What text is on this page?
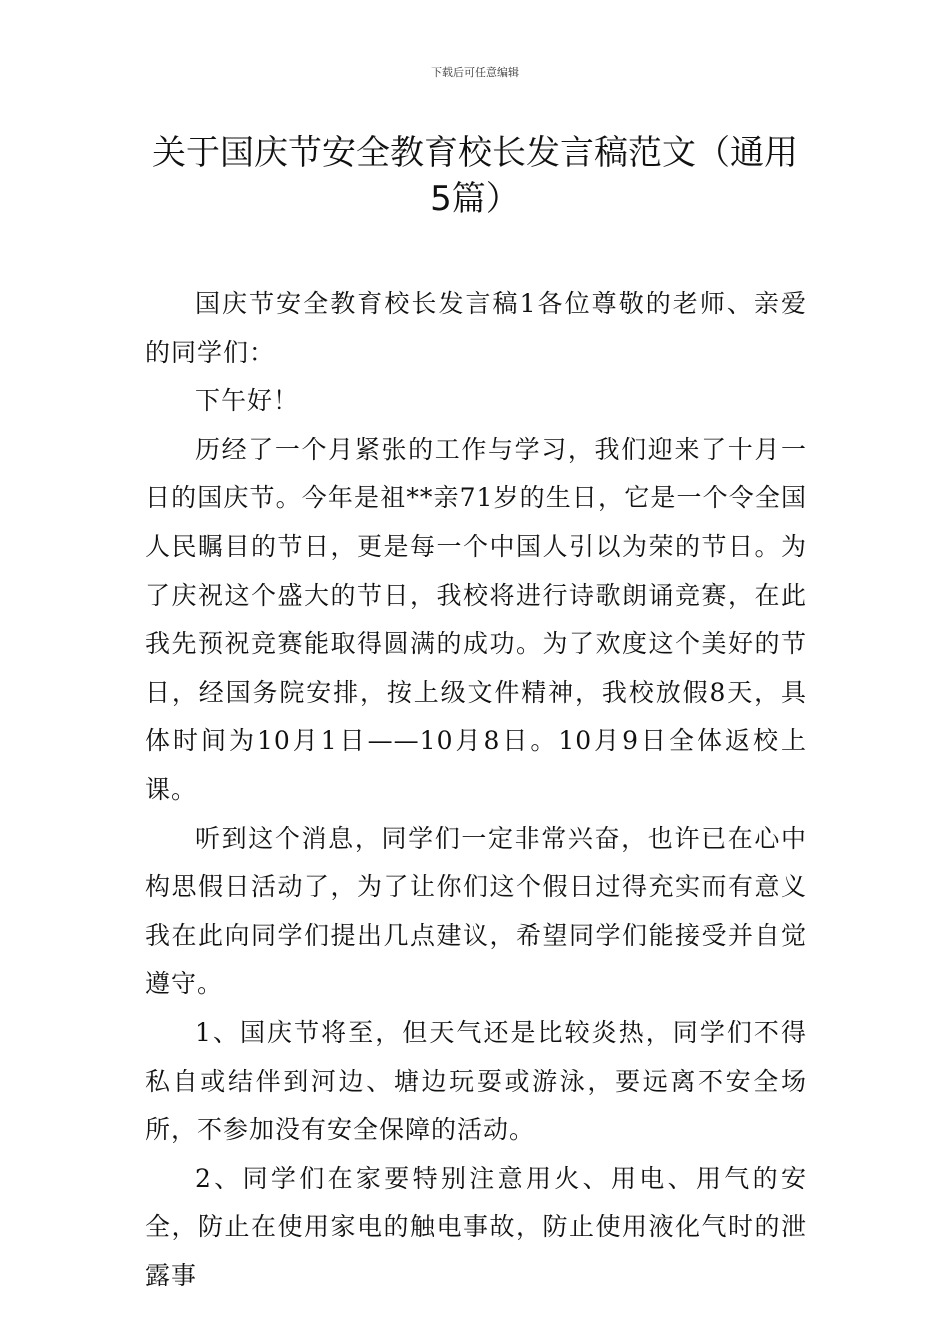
下载后可任意编辑
关于国庆节安全教育校长发言稿范文（通用5篇）

国庆节安全教育校长发言稿1各位尊敬的老师、亲爱的同学们：

下午好！

历经了一个月紧张的工作与学习，我们迎来了十月一日的国庆节。今年是祖**亲71岁的生日，它是一个令全国人民瞩目的节日，更是每一个中国人引以为荣的节日。为了庆祝这个盛大的节日，我校将进行诗歌朗诵竞赛，在此我先预祝竞赛能取得圆满的成功。为了欢度这个美好的节日，经国务院安排，按上级文件精神，我校放假8天，具体时间为10月1日——10月8日。10月9日全体返校上课。

听到这个消息，同学们一定非常兴奋，也许已在心中构思假日活动了，为了让你们这个假日过得充实而有意义我在此向同学们提出几点建议，希望同学们能接受并自觉遵守。

1、国庆节将至，但天气还是比较炎热，同学们不得私自或结伴到河边、塘边玩耍或游泳，要远离不安全场所，不参加没有安全保障的活动。

2、同学们在家要特别注意用火、用电、用气的安全，防止在使用家电的触电事故，防止使用液化气时的泄露事
